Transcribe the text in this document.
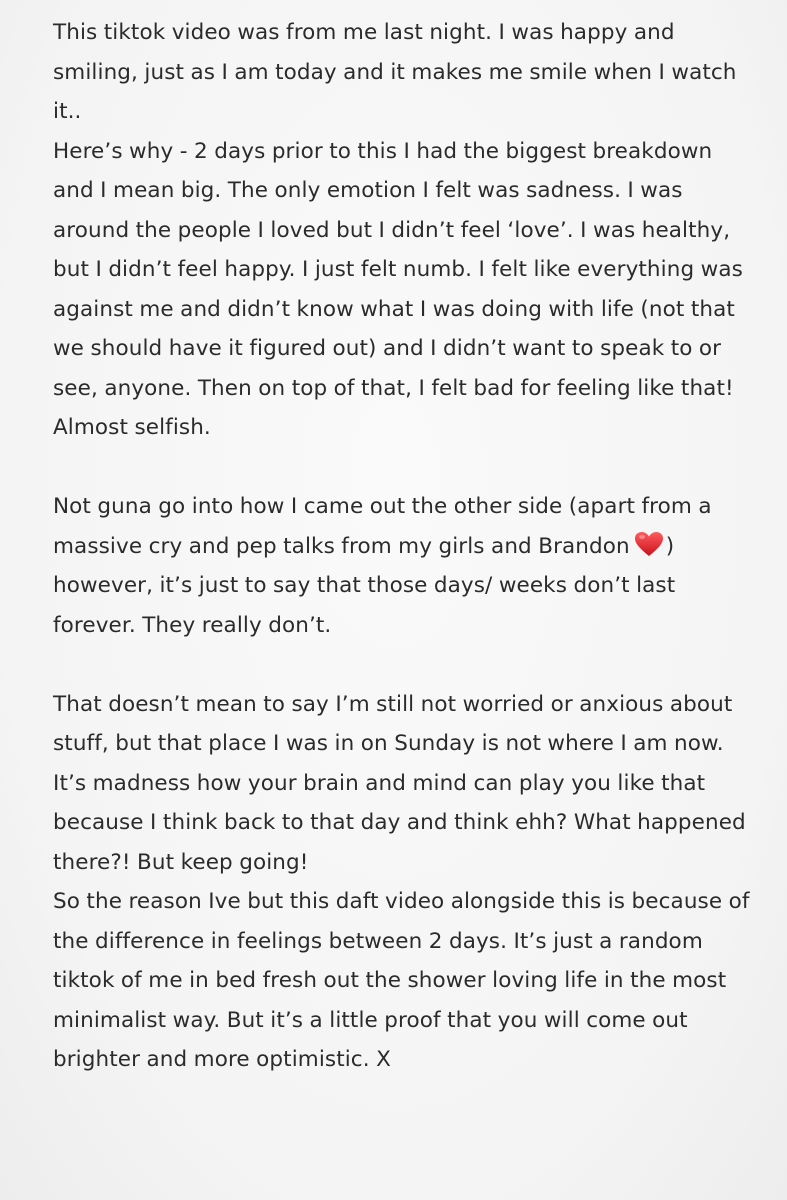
This tiktok video was from me last night. I was happy and smiling, just as I am today and it makes me smile when I watch it..

Here’s why - 2 days prior to this I had the biggest breakdown and I mean big. The only emotion I felt was sadness. I was around the people I loved but I didn’t feel ‘love’. I was healthy, but I didn’t feel happy. I just felt numb. I felt like everything was against me and didn’t know what I was doing with life (not that we should have it figured out) and I didn’t want to speak to or see, anyone. Then on top of that, I felt bad for feeling like that! Almost selfish.

Not guna go into how I came out the other side (apart from a massive cry and pep talks from my girls and Brandon ) however, it’s just to say that those days/ weeks don’t last forever. They really don’t.

That doesn’t mean to say I’m still not worried or anxious about stuff, but that place I was in on Sunday is not where I am now. It’s madness how your brain and mind can play you like that because I think back to that day and think ehh? What happened there?! But keep going!

So the reason Ive but this daft video alongside this is because of the difference in feelings between 2 days. It’s just a random tiktok of me in bed fresh out the shower loving life in the most minimalist way. But it’s a little proof that you will come out brighter and more optimistic. X
